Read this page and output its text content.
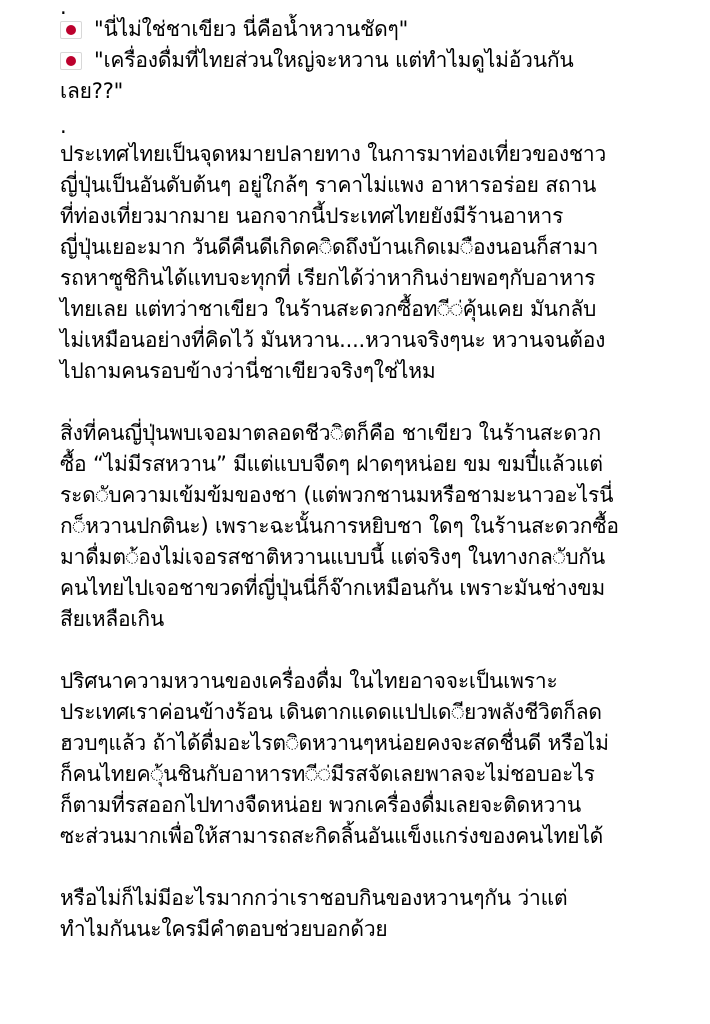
.
"นี่ไม่ใช่ชาเขียว นี่คือน้ำหวานชัดๆ"
"เครื่องดื่มที่ไทยส่วนใหญ่จะหวาน แต่ทำไมดูไม่อ้วนกัน
เลย??"
.
ประเทศไทยเป็นจุดหมายปลายทาง ในการมาท่องเที่ยวของชาว
ญี่ปุ่นเป็นอันดับต้นๆ อยู่ใกล้ๆ ราคาไม่แพง อาหารอร่อย สถาน
ที่ท่องเที่ยวมากมาย นอกจากนี้ประเทศไทยยังมีร้านอาหาร
ญี่ปุ่นเยอะมาก วันดีคืนดีเกิดค◌ิดถึงบ้านเกิดเม◌ืองนอนก็สามา
รถหาซูชิกินได้แทบจะทุกที่ เรียกได้ว่าหากินง่ายพอๆกับอาหาร
ไทยเลย แต่ทว่าชาเขียว ในร้านสะดวกซื้อท◌ี◌่คุ้นเคย มันกลับ
ไม่เหมือนอย่างที่คิดไว้ มันหวาน....หวานจริงๆนะ หวานจนต้อง
ไปถามคนรอบข้างว่านี่ชาเขียวจริงๆใช่ไหม
สิ่งที่คนญี่ปุ่นพบเจอมาตลอดชีว◌ิตก็คือ ชาเขียว ในร้านสะดวก
ซื้อ “ไม่มีรสหวาน” มีแต่แบบจืดๆ ฝาดๆหน่อย ขม ขมปี๋แล้วแต่
ระด◌ับความเข้มข้มของชา (แต่พวกชานมหรือชามะนาวอะไรนี่
ก◌็หวานปกตินะ) เพราะฉะนั้นการหยิบชา ใดๆ ในร้านสะดวกซื้อ
มาดื่มต◌้องไม่เจอรสชาติหวานแบบนี้ แต่จริงๆ ในทางกล◌ับกัน
คนไทยไปเจอชาขวดที่ญี่ปุ่นนี่ก็จ๊ากเหมือนกัน เพราะมันช่างขม
สียเหลือเกิน
ปริศนาความหวานของเครื่องดื่ม ในไทยอาจจะเป็นเพราะ
ประเทศเราค่อนข้างร้อน เดินตากแดดแปปเด◌ียวพลังชีวิตก็ลด
ฮวบๆแล้ว ถ้าได้ดื่มอะไรต◌ิดหวานๆหน่อยคงจะสดชื่นดี หรือไม่
ก็คนไทยค◌ุ้นชินกับอาหารท◌ี◌่มีรสจัดเลยพาลจะไม่ชอบอะไร
ก็ตามที่รสออกไปทางจืดหน่อย พวกเครื่องดื่มเลยจะติดหวาน
ซะส่วนมากเพื่อให้สามารถสะกิดลิ้นอันแข็งแกร่งของคนไทยได้
หรือไม่ก็ไม่มีอะไรมากกว่าเราชอบกินของหวานๆกัน ว่าแต่
ทำไมกันนะใครมีคำตอบช่วยบอกด้วย
